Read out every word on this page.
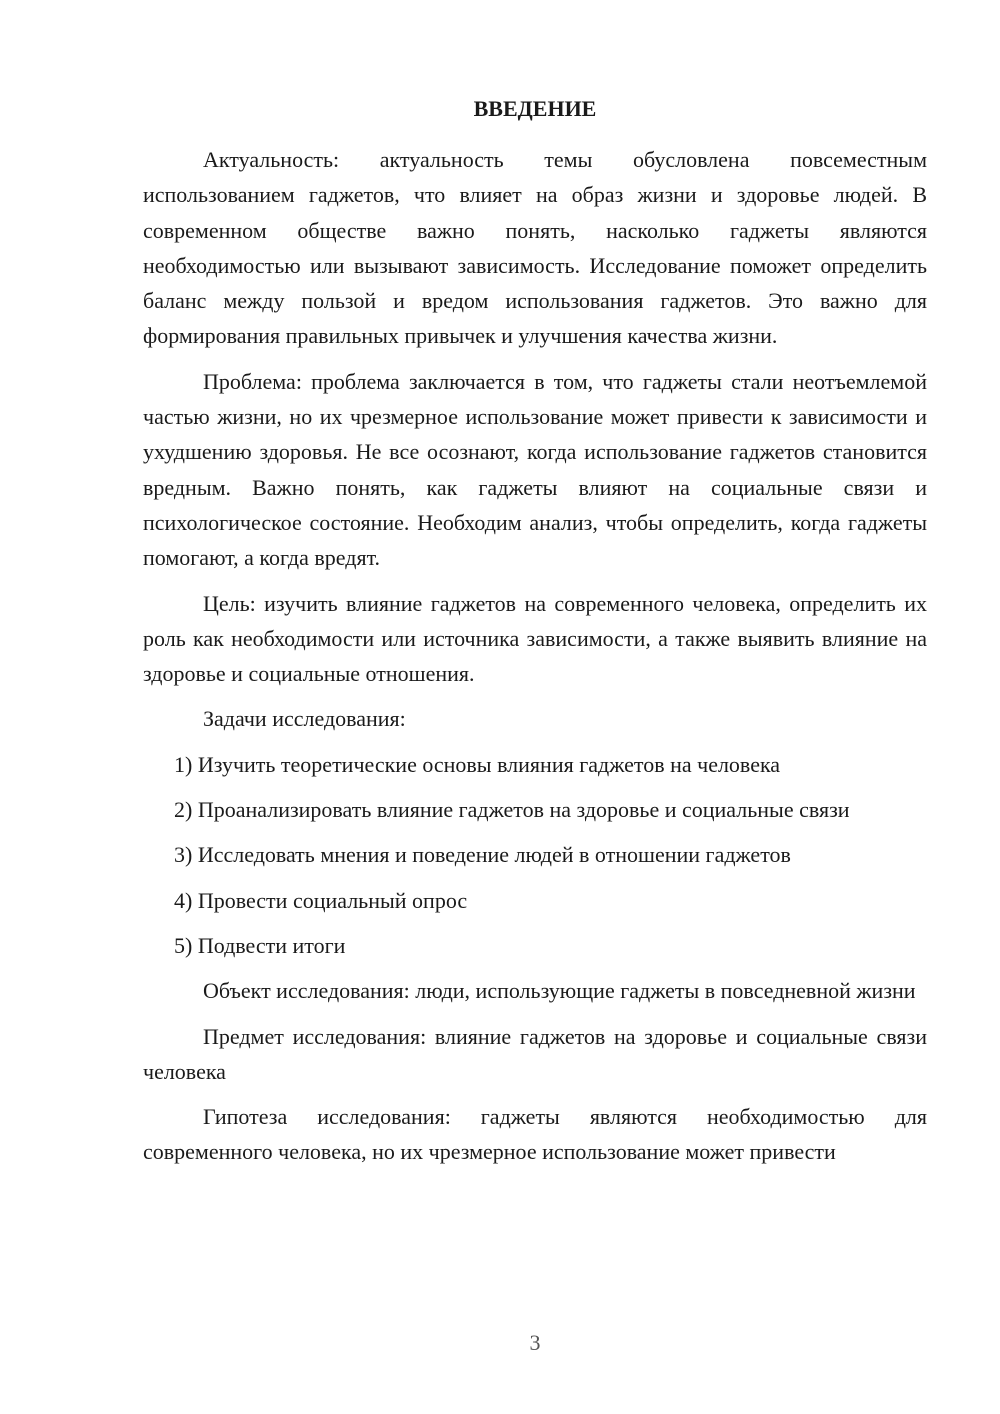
ВВЕДЕНИЕ

Актуальность: актуальность темы обусловлена повсеместным использованием гаджетов, что влияет на образ жизни и здоровье людей. В современном обществе важно понять, насколько гаджеты являются необходимостью или вызывают зависимость. Исследование поможет определить баланс между пользой и вредом использования гаджетов. Это важно для формирования правильных привычек и улучшения качества жизни.

Проблема: проблема заключается в том, что гаджеты стали неотъемлемой частью жизни, но их чрезмерное использование может привести к зависимости и ухудшению здоровья. Не все осознают, когда использование гаджетов становится вредным. Важно понять, как гаджеты влияют на социальные связи и психологическое состояние. Необходим анализ, чтобы определить, когда гаджеты помогают, а когда вредят.

Цель: изучить влияние гаджетов на современного человека, определить их роль как необходимости или источника зависимости, а также выявить влияние на здоровье и социальные отношения.

Задачи исследования:

1) Изучить теоретические основы влияния гаджетов на человека

2) Проанализировать влияние гаджетов на здоровье и социальные связи

3) Исследовать мнения и поведение людей в отношении гаджетов

4) Провести социальный опрос

5) Подвести итоги

Объект исследования: люди, использующие гаджеты в повседневной жизни

Предмет исследования: влияние гаджетов на здоровье и социальные связи человека

Гипотеза исследования: гаджеты являются необходимостью для современного человека, но их чрезмерное использование может привести

3
